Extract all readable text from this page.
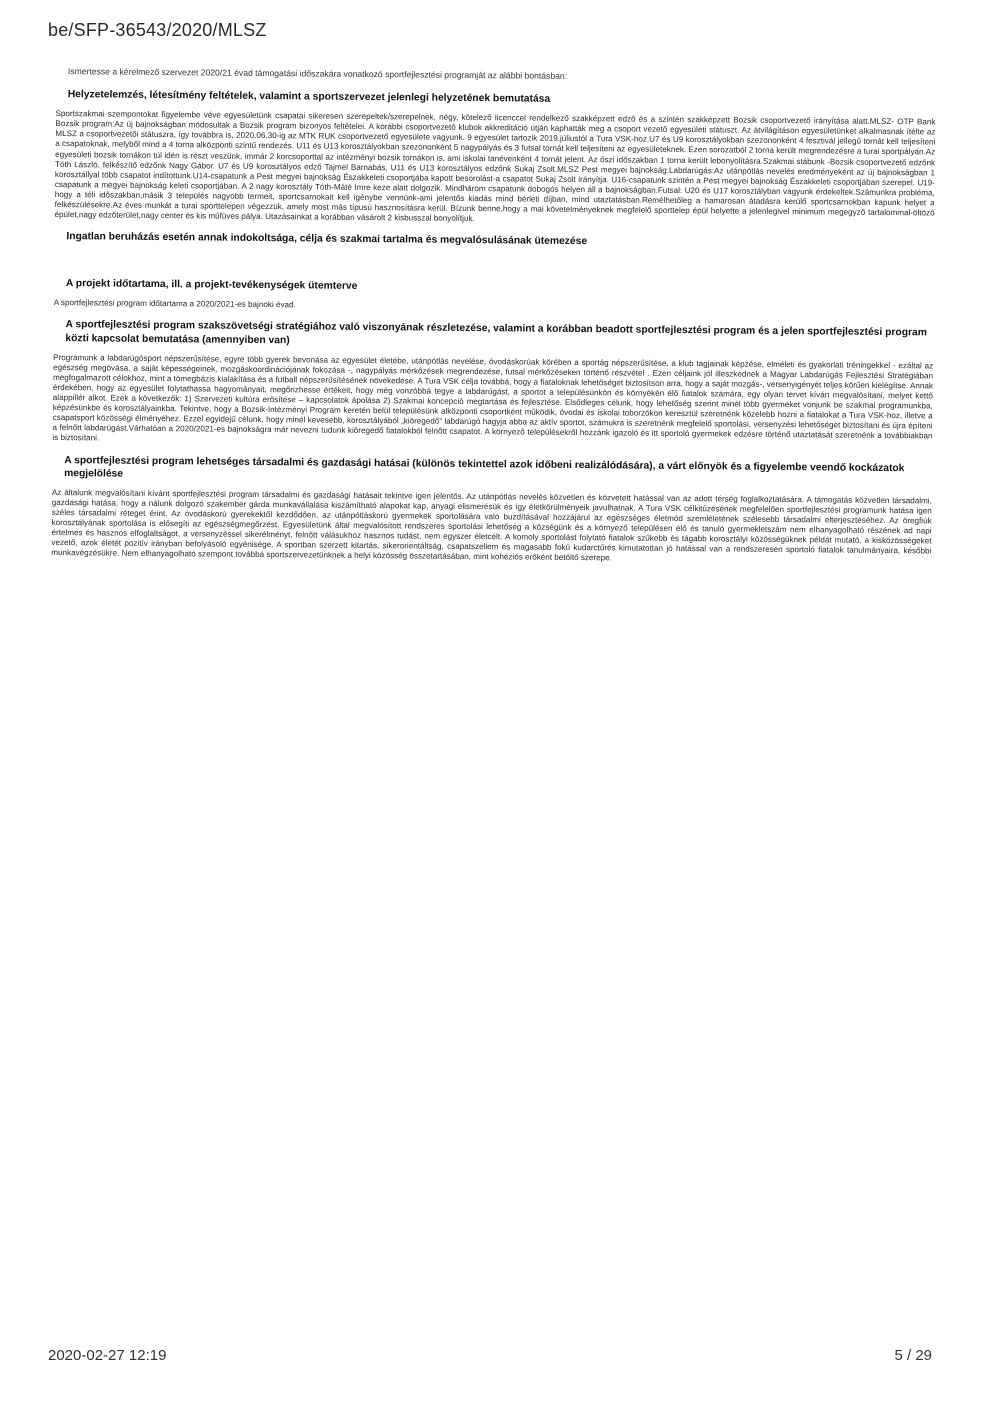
be/SFP-36543/2020/MLSZ
Ismertesse a kérelmező szervezet 2020/21 évad támogatási időszakára vonatkozó sportfejlesztési programját az alábbi bontásban:
Helyzetelemzés, létesítmény feltételek, valamint a sportszervezet jelenlegi helyzetének bemutatása
Sportszakmai szempontokat figyelembe véve egyesületünk csapatai sikeresen szerepeltek/szerepelnek, négy, kötelező licenccel rendelkező szakképzett edző és a szintén szakképzett Bozsik csoportvezető irányítása alatt.MLSZ- OTP Bank Bozsik program:Az új bajnokságban módosultak a Bozsik program bizonyos feltételei. A korábbi csoportvezető klubok akkreditáció útján kaphatták meg a csoport vezető egyesületi státuszt. Az átvilágításon egyesületünket alkalmasnak ítélte az MLSZ a csoportvezetői státuszra, így továbbra is, 2020.06.30-ig az MTK RUK csoportvezető egyesülete vagyunk. 9 egyesület tartozik 2019.júliustól a Tura VSK-hoz.U7 és U9 korosztályokban szezononként 4 fesztivál jellegű tornát kell teljesíteni a csapatoknak, melyből mind a 4 torna alközponti szintű rendezés. U11 és U13 korosztályokban szezononként 5 nagypályás és 3 futsal tornát kell teljesíteni az egyesületeknek. Ezen sorozatból 2 torna került megrendezésre a turai sportpályán.Az egyesületi bozsik tornákon túl idén is részt veszünk, immár 2 korcsoporttal az intézményi bozsik tornákon is, ami iskolai tanévenként 4 tornát jelent. Az őszi időszakban 1 torna került lebonyolításra.Szakmai stábunk -Bozsik csoportvezető edzőnk Tóth László, felkészítő edzőnk Nagy Gábor. U7 és U9 korosztályos edző Tajmel Barnabás, U11 és U13 korosztályos edzőnk Sukaj Zsolt.MLSZ Pest megyei bajnokság:Labdarúgás:Az utánpótlás nevelés eredményeként az új bajnokságban 1 korosztállyal több csapatot indítottunk.U14-csapatunk a Pest megyei bajnokság Északkeleti csoportjába kapott besorolást-a csapatot Sukaj Zsolt irányítja. U16-csapatunk szintén a Pest megyei bajnokság Északkeleti csoportjában szerepel. U19-csapatunk a megyei bajnokság keleti csoportjában. A 2 nagy korosztály Tóth-Máté Imre keze alatt dolgozik. Mindhárom csapatunk dobogós helyen áll a bajnokságban.Futsal: U20 és U17 korosztályban vagyunk érdekeltek.Számunkra probléma, hogy a téli időszakban,másik 3 település nagyobb termeit, sportcsarnokait kell igénybe vennünk-ami jelentős kiadás mind bérleti díjban, mind utaztatásban.Remélhetőleg a hamarosan átadásra kerülő sportcsarnokban kapunk helyet a felkészülésekre.Az éves munkát a turai sporttelepen végezzük, amely most más típusú hasznosításra kerül. Bízunk benne,hogy a mai követelményeknek megfelelő sporttelep épül helyette a jelenlegivel minimum megegyző tartalommal-öltöző épület,nagy edzőterület,nagy center és kis műfüves pálya. Utazásainkat a korábban vásárolt 2 kisbusszal bonyolítjuk.
Ingatlan beruházás esetén annak indokoltsága, célja és szakmai tartalma és megvalósulásának ütemezése
A projekt időtartama, ill. a projekt-tevékenységek ütemterve
A sportfejlesztési program időtartama a 2020/2021-es bajnoki évad.
A sportfejlesztési program szakszövetségi stratégiához való viszonyának részletezése, valamint a korábban beadott sportfejlesztési program és a jelen sportfejlesztési program közti kapcsolat bemutatása (amennyiben van)
Programunk a labdarúgósport népszerűsítése, egyre több gyerek bevonása az egyesület életébe, utánpótlás nevelése, óvodáskorúak körében a sportág népszerűsítése, a klub tagjainak képzése, elméleti és gyakorlati tréningekkel - ezáltal az egészség megóvása, a saját képességeinek, mozgáskoordinációjának fokozása -, nagypályás mérkőzések megrendezése, futsal mérkőzéseken történő részvétel . Ezen céljaink jól illeszkednek a Magyar Labdarúgás Fejlesztési Stratégiában megfogalmazott célokhoz, mint a tömegbázis kialakítása és a futball népszerűsítésének növekedése. A Tura VSK célja továbbá, hogy a fiataloknak lehetőséget biztosítson arra, hogy a saját mozgás-, versenyigényét teljes körűen kielégítse. Annak érdekében, hogy az egyesület folytathassa hagyományait, megőrizhesse értékeit, hogy még vonzóbbá tegye a labdarúgást, a sportot a településünkön és környékén élő fiatalok számára, egy olyan tervet kíván megvalósítani, melyet kettő alappillér alkot. Ezek a következők: 1) Szervezeti kultúra erősítése – kapcsolatok ápolása 2) Szakmai koncepció megtartása és fejlesztése. Elsődleges célunk, hogy lehetőség szerint minél több gyermeket vonjunk be szakmai programunkba, képzésünkbe és korosztályainkba. Tekintve, hogy a Bozsik-Intézményi Program keretén belül településünk alközponti csoportként működik, óvodai és iskolai toborzókon keresztül szeretnénk közelebb hozni a fiatalokat a Tura VSK-hoz, illetve a csapatsport közösségi élményéhez. Ezzel egyidejű célunk, hogy minél kevesebb, korosztályából „kiöregedő” labdarúgó hagyja abba az aktív sportot, számukra is szeretnénk megfelelő sportolási, versenyzési lehetőséget biztosítani és újra építeni a felnőtt labdarúgást.Várhatóan a 2020/2021-es bajnokságra már nevezni tudunk kiöregedő fiatalokból felnőtt csapatot. A környező településekről hozzánk igazoló és itt sportoló gyermekek edzésre történő utaztatását szeretnénk a továbbiakban is biztosítani.
A sportfejlesztési program lehetséges társadalmi és gazdasági hatásai (különös tekintettel azok időbeni realizálódására), a várt előnyök és a figyelembe veendő kockázatok megjelölése
Az általunk megvalósítani kívánt sportfejlesztési program társadalmi és gazdasági hatásait tekintve igen jelentős. Az utánpótlás nevelés közvetlen és közvetett hatással van az adott térség foglalkoztatására. A támogatás közvetlen társadalmi, gazdasági hatása, hogy a nálunk dolgozó szakember gárda munkavállalása kiszámítható alapokat kap, anyagi elismerésük és így életkörülményeik javulhatnak. A Tura VSK célkitűzésének megfelelően sportfejlesztési programunk hatása igen széles társadalmi réteget érint. Az óvodáskorú gyerekektől kezdődően, az utánpótláskorú gyermekek sportolására való buzdításával hozzájárul az egészséges életmód szemléletének szélesebb társadalmi elterjesztéséhez. Az öregfiúk korosztályának sportolása is elősegíti az egészségmegőrzést. Egyesületünk által megvalósított rendszeres sportolási lehetőség a községünk és a környező településen élő és tanuló gyermekletszám nem elhanyagolható részének ad napi értelmes és hasznos elfoglaltságot, a versenyzéssel sikerélményt, felnőtt válásukhoz hasznos tudást, nem egyszer életcélt. A komoly sportolást folytató fiatalok szűkebb és tágabb korosztályi közösségüknek példát mutató, a kisközösségeket vezető, azok életét pozitív irányban befolyásoló egyénisége. A sportban szerzett kitartás, sikerorientáltság, csapatszellem és magasabb fokú kudarctűrés kimutatottan jó hatással van a rendszeresen sportoló fiatalok tanulmányaira, későbbi munkavégzésükre. Nem elhanyagolható szempont továbbá sportszervezetünknek a helyi közösség összetartásában, mint kohéziós erőként betöltő szerepe.
2020-02-27 12:19	5 / 29
